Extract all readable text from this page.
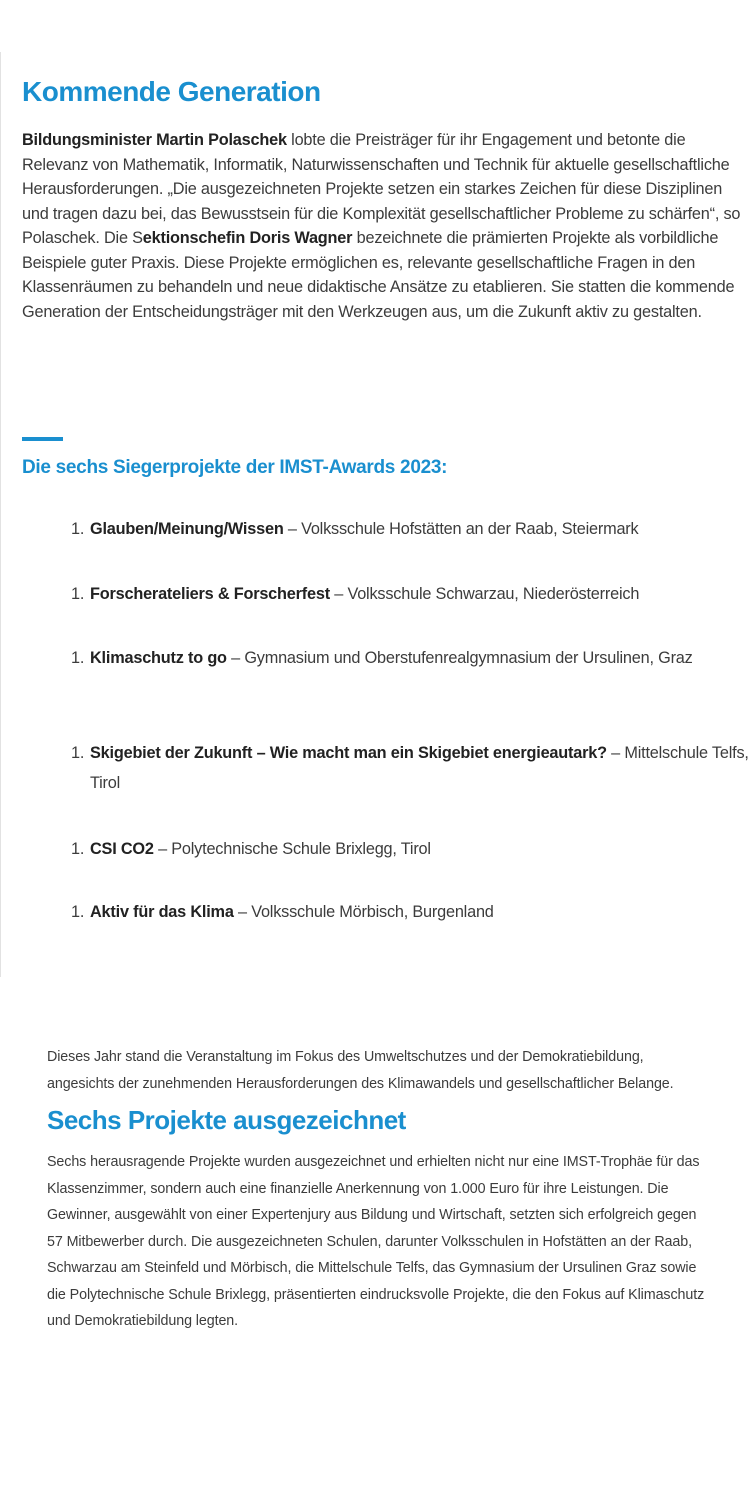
Kommende Generation

Bildungsminister Martin Polaschek lobte die Preisträger für ihr Engagement und betonte die Relevanz von Mathematik, Informatik, Naturwissenschaften und Technik für aktuelle gesellschaftliche Herausforderungen. „Die ausgezeichneten Projekte setzen ein starkes Zeichen für diese Disziplinen und tragen dazu bei, das Bewusstsein für die Komplexität gesellschaftlicher Probleme zu schärfen“, so Polaschek. Die Sektionschefin Doris Wagner bezeichnete die prämierten Projekte als vorbildliche Beispiele guter Praxis. Diese Projekte ermöglichen es, relevante gesellschaftliche Fragen in den Klassenräumen zu behandeln und neue didaktische Ansätze zu etablieren. Sie statten die kommende Generation der Entscheidungsträger mit den Werkzeugen aus, um die Zukunft aktiv zu gestalten.

Die sechs Siegerprojekte der IMST-Awards 2023:
1. Glauben/Meinung/Wissen – Volksschule Hofstätten an der Raab, Steiermark
1. Forscherateliers & Forscherfest – Volksschule Schwarzau, Niederösterreich
1. Klimaschutz to go – Gymnasium und Oberstufenrealgymnasium der Ursulinen, Graz
1. Skigebiet der Zukunft – Wie macht man ein Skigebiet energieautark? – Mittelschule Telfs, Tirol
1. CSI CO2 – Polytechnische Schule Brixlegg, Tirol
1. Aktiv für das Klima – Volksschule Mörbisch, Burgenland

Dieses Jahr stand die Veranstaltung im Fokus des Umweltschutzes und der Demokratiebildung, angesichts der zunehmenden Herausforderungen des Klimawandels und gesellschaftlicher Belange.

Sechs Projekte ausgezeichnet

Sechs herausragende Projekte wurden ausgezeichnet und erhielten nicht nur eine IMST-Trophäe für das Klassenzimmer, sondern auch eine finanzielle Anerkennung von 1.000 Euro für ihre Leistungen. Die Gewinner, ausgewählt von einer Expertenjury aus Bildung und Wirtschaft, setzten sich erfolgreich gegen 57 Mitbewerber durch. Die ausgezeichneten Schulen, darunter Volksschulen in Hofstätten an der Raab, Schwarzau am Steinfeld und Mörbisch, die Mittelschule Telfs, das Gymnasium der Ursulinen Graz sowie die Polytechnische Schule Brixlegg, präsentierten eindrucksvolle Projekte, die den Fokus auf Klimaschutz und Demokratiebildung legten.
